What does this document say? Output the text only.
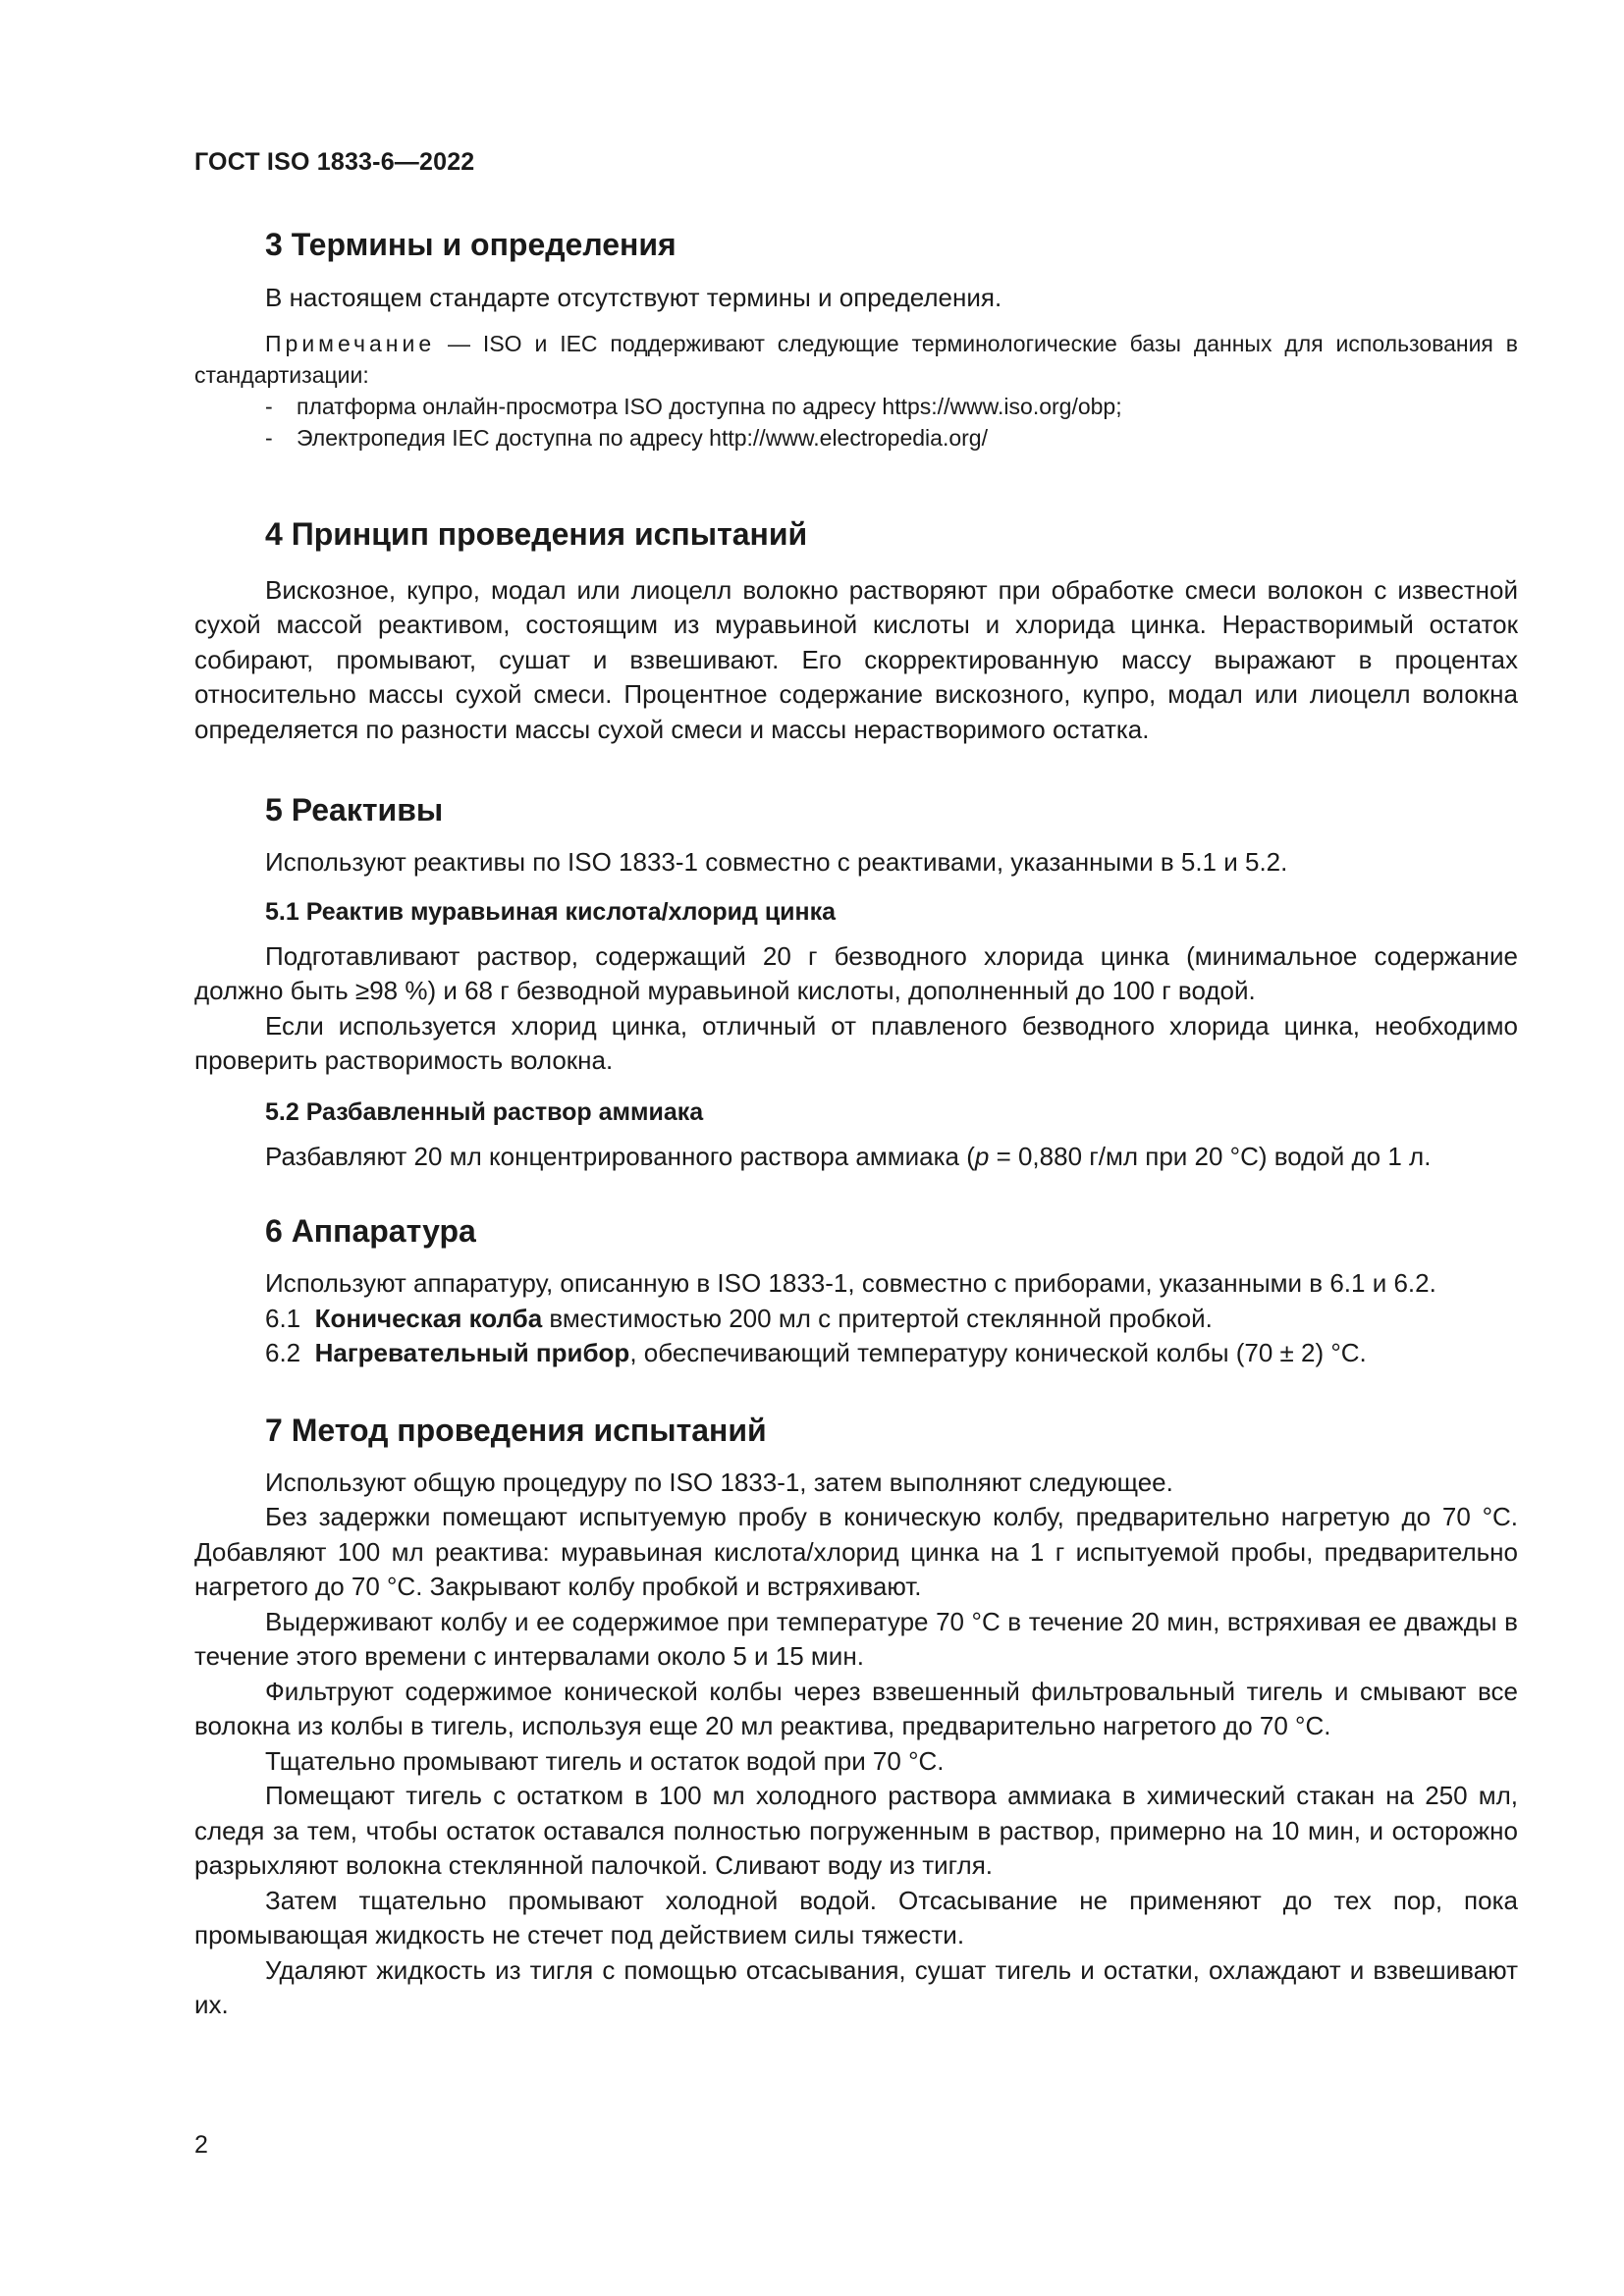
ГОСТ ISO 1833-6—2022
3 Термины и определения

В настоящем стандарте отсутствуют термины и определения.

Примечание — ISO и IEC поддерживают следующие терминологические базы данных для использования в стандартизации:

- платформа онлайн-просмотра ISO доступна по адресу https://www.iso.org/obp;
- Электропедия IEC доступна по адресу http://www.electropedia.org/
4 Принцип проведения испытаний

Вискозное, купро, модал или лиоцелл волокно растворяют при обработке смеси волокон с известной сухой массой реактивом, состоящим из муравьиной кислоты и хлорида цинка. Нерастворимый остаток собирают, промывают, сушат и взвешивают. Его скорректированную массу выражают в процентах относительно массы сухой смеси. Процентное содержание вискозного, купро, модал или лиоцелл волокна определяется по разности массы сухой смеси и массы нерастворимого остатка.

5 Реактивы

Используют реактивы по ISO 1833-1 совместно с реактивами, указанными в 5.1 и 5.2.

5.1 Реактив муравьиная кислота/хлорид цинка

Подготавливают раствор, содержащий 20 г безводного хлорида цинка (минимальное содержание должно быть ≥98 %) и 68 г безводной муравьиной кислоты, дополненный до 100 г водой.

Если используется хлорид цинка, отличный от плавленого безводного хлорида цинка, необходимо проверить растворимость волокна.

5.2 Разбавленный раствор аммиака

Разбавляют 20 мл концентрированного раствора аммиака (p = 0,880 г/мл при 20 °C) водой до 1 л.

6 Аппаратура

Используют аппаратуру, описанную в ISO 1833-1, совместно с приборами, указанными в 6.1 и 6.2.

6.1 Коническая колба вместимостью 200 мл с притертой стеклянной пробкой.

6.2 Нагревательный прибор, обеспечивающий температуру конической колбы (70 ± 2) °C.

7 Метод проведения испытаний

Используют общую процедуру по ISO 1833-1, затем выполняют следующее.

Без задержки помещают испытуемую пробу в коническую колбу, предварительно нагретую до 70 °C. Добавляют 100 мл реактива: муравьиная кислота/хлорид цинка на 1 г испытуемой пробы, предварительно нагретого до 70 °C. Закрывают колбу пробкой и встряхивают.

Выдерживают колбу и ее содержимое при температуре 70 °C в течение 20 мин, встряхивая ее дважды в течение этого времени с интервалами около 5 и 15 мин.

Фильтруют содержимое конической колбы через взвешенный фильтровальный тигель и смывают все волокна из колбы в тигель, используя еще 20 мл реактива, предварительно нагретого до 70 °C.

Тщательно промывают тигель и остаток водой при 70 °C.

Помещают тигель с остатком в 100 мл холодного раствора аммиака в химический стакан на 250 мл, следя за тем, чтобы остаток оставался полностью погруженным в раствор, примерно на 10 мин, и осторожно разрыхляют волокна стеклянной палочкой. Сливают воду из тигля.

Затем тщательно промывают холодной водой. Отсасывание не применяют до тех пор, пока промывающая жидкость не стечет под действием силы тяжести.

Удаляют жидкость из тигля с помощью отсасывания, сушат тигель и остатки, охлаждают и взвешивают их.

2
